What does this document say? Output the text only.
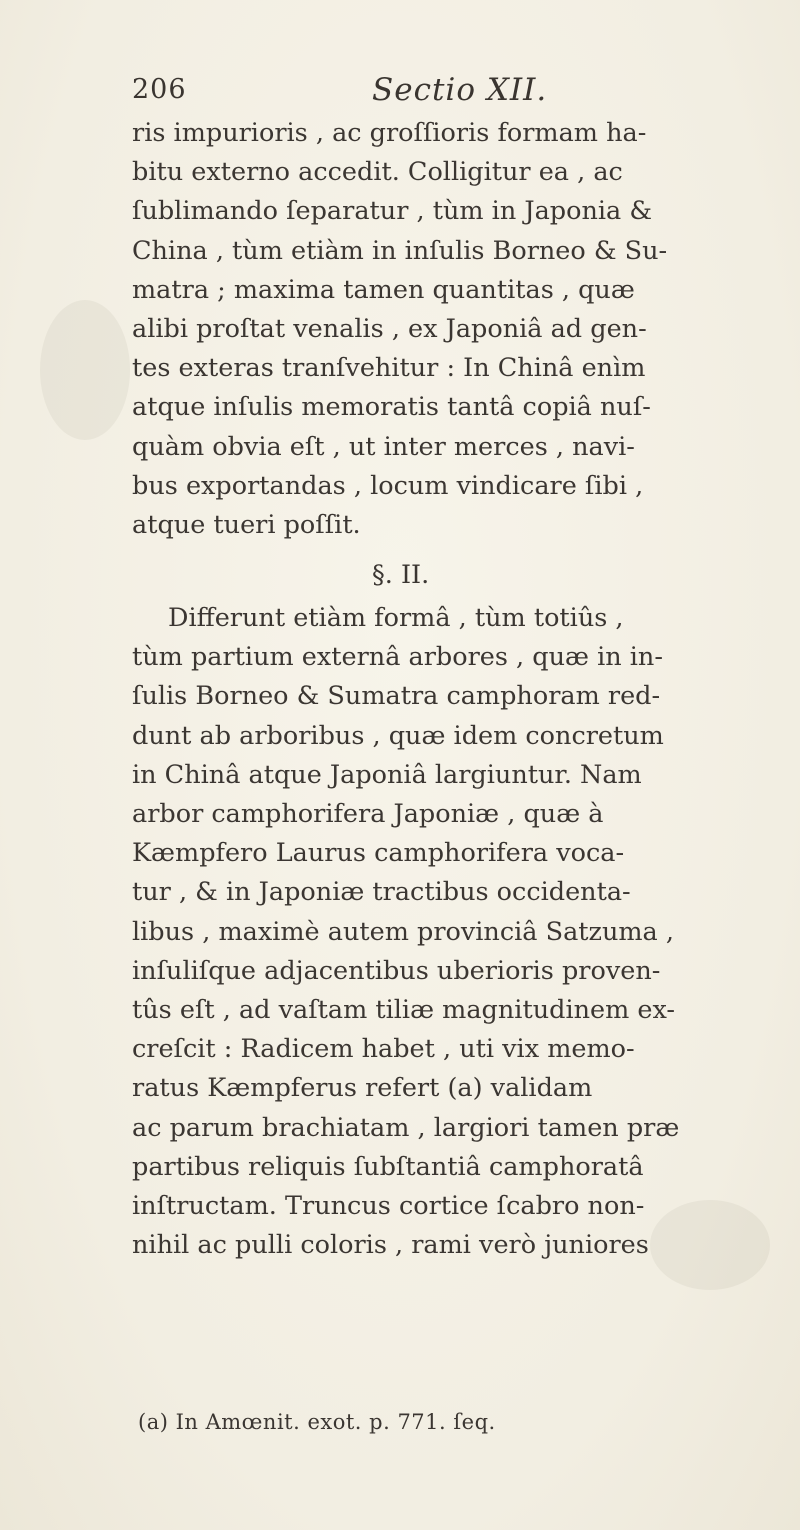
206	Sectio XII.
ris impurioris , ac groſſioris formam ha-
bitu externo accedit. Colligitur ea , ac
ſublimando ſeparatur , tùm in Japonia &
China , tùm etiàm in inſulis Borneo & Su-
matra ; maxima tamen quantitas , quæ
alibi proſtat venalis , ex Japoniâ ad gen-
tes exteras tranſvehitur : In Chinâ enìm
atque inſulis memoratis tantâ copiâ nuſ-
quàm obvia eſt , ut inter merces , navi-
bus exportandas , locum vindicare ſibi ,
atque tueri poſſit.
§. II.
Differunt etiàm formâ , tùm totiûs ,
tùm partium externâ arbores , quæ in in-
ſulis Borneo & Sumatra camphoram red-
dunt ab arboribus , quæ idem concretum
in Chinâ atque Japoniâ largiuntur. Nam
arbor camphorifera Japoniæ , quæ à
Kæmpfero Laurus camphorifera voca-
tur , & in Japoniæ tractibus occidenta-
libus , maximè autem provinciâ Satzuma ,
inſuliſque adjacentibus uberioris proven-
tûs eſt , ad vaſtam tiliæ magnitudinem ex-
creſcit : Radicem habet , uti vix memo-
ratus Kæmpferus refert (a) validam
ac parum brachiatam , largiori tamen præ
partibus reliquis ſubſtantiâ camphoratâ
inſtructam. Truncus cortice ſcabro non-
nihil ac pulli coloris , rami verò juniores
(a) In Amœnit. exot. p. 771. ſeq.
